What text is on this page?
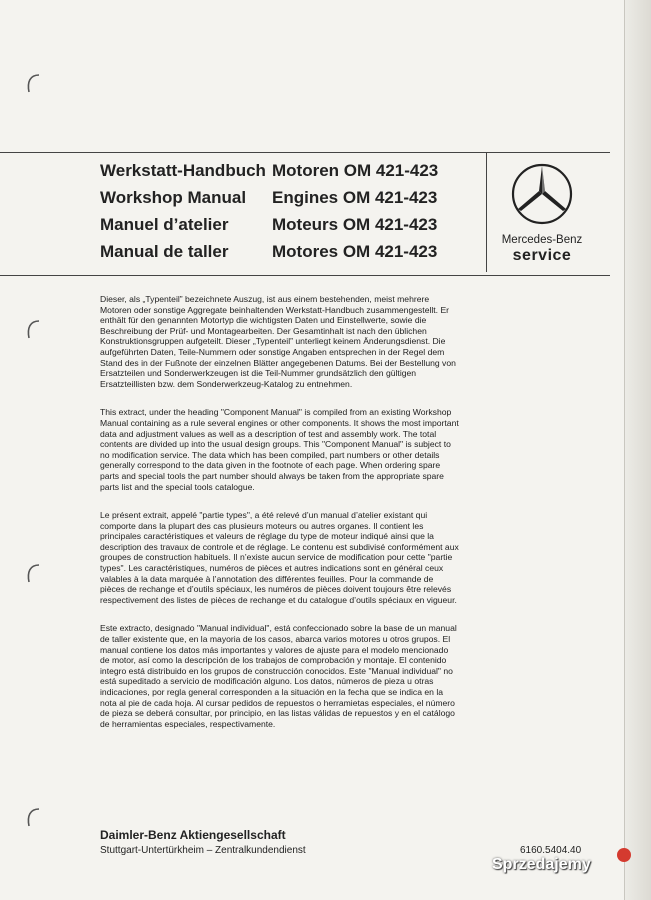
Werkstatt-Handbuch Motoren OM 421-423
Workshop Manual	Engines OM 421-423
Manuel d’atelier	Moteurs OM 421-423
Manual de taller	Motores OM 421-423
Mercedes-Benz
service

Dieser, als „Typenteil” bezeichnete Auszug, ist aus einem bestehenden, meist mehrere Motoren oder sonstige Aggregate beinhaltenden Werkstatt-Handbuch zusammengestellt. Er enthält für den genannten Motortyp die wichtigsten Daten und Einstellwerte, sowie die Beschreibung der Prüf- und Montagearbeiten. Der Gesamtinhalt ist nach den üblichen Konstruktionsgruppen aufgeteilt. Dieser „Typenteil” unterliegt keinem Änderungsdienst. Die aufgeführten Daten, Teile-Nummern oder sonstige Angaben entsprechen in der Regel dem Stand des in der Fußnote der einzelnen Blätter angegebenen Datums. Bei der Bestellung von Ersatzteilen und Sonderwerkzeugen ist die Teil-Nummer grundsätzlich den gültigen Ersatzteillisten bzw. dem Sonderwerkzeug-Katalog zu entnehmen.

This extract, under the heading "Component Manual" is compiled from an existing Workshop Manual containing as a rule several engines or other components. It shows the most important data and adjustment values as well as a description of test and assembly work. The total contents are divided up into the usual design groups. This "Component Manual" is subject to no modification service. The data which has been compiled, part numbers or other details generally correspond to the data given in the footnote of each page. When ordering spare parts and special tools the part number should always be taken from the appropriate spare parts list and the special tools catalogue.

Le présent extrait, appelé "partie types", a été relevé d’un manual d’atelier existant qui comporte dans la plupart des cas plusieurs moteurs ou autres organes. Il contient les principales caractéristiques et valeurs de réglage du type de moteur indiqué ainsi que la description des travaux de controle et de réglage. Le contenu est subdivisé conformément aux groupes de construction habituels. Il n’existe aucun service de modification pour cette "partie types". Les caractéristiques, numéros de pièces et autres indications sont en général ceux valables à la data marquée à l’annotation des différentes feuilles. Pour la commande de pièces de rechange et d’outils spéciaux, les numéros de pièces doivent toujours être relevés respectivement des listes de pièces de rechange et du catalogue d’outils spéciaux en vigueur.

Este extracto, designado "Manual individual", está confeccionado sobre la base de un manual de taller existente que, en la mayoria de los casos, abarca varios motores u otros grupos. El manual contiene los datos más importantes y valores de ajuste para el modelo mencionado de motor, así como la descripción de los trabajos de comprobación y montaje. El contenido integro está distribuido en los grupos de construcción conocidos. Este "Manual individual" no está supeditado a servicio de modificación alguno. Los datos, números de pieza u otras indicaciones, por regla general corresponden a la situación en la fecha que se indica en la nota al pie de cada hoja. Al cursar pedidos de repuestos o herramietas especiales, el número de pieza se deberá consultar, por principio, en las listas válidas de repuestos y en el catálogo de herramientas especiales, respectivamente.

Daimler-Benz Aktiengesellschaft
Stuttgart-Untertürkheim – Zentralkundendienst	6160.5404.40
Sprzedajemy
